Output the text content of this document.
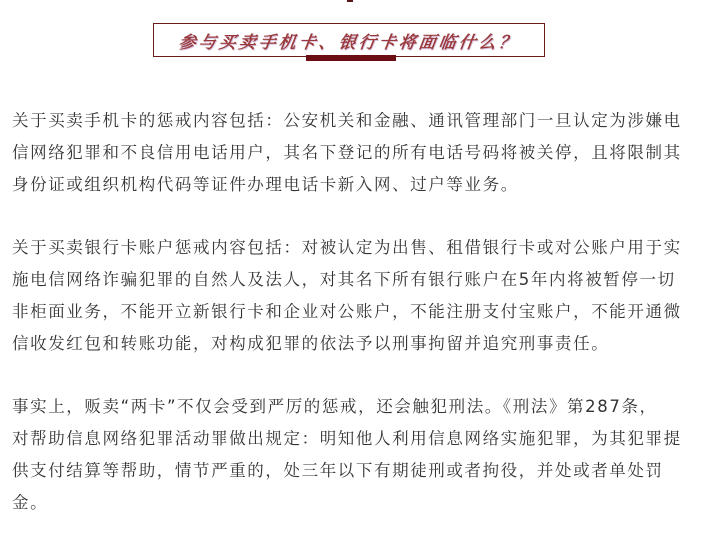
参与买卖手机卡、银行卡将面临什么？

关于买卖手机卡的惩戒内容包括：公安机关和金融、通讯管理部门一旦认定为涉嫌电
信网络犯罪和不良信用电话用户，其名下登记的所有电话号码将被关停，且将限制其
身份证或组织机构代码等证件办理电话卡新入网、过户等业务。

关于买卖银行卡账户惩戒内容包括：对被认定为出售、租借银行卡或对公账户用于实
施电信网络诈骗犯罪的自然人及法人，对其名下所有银行账户在5年内将被暂停一切
非柜面业务，不能开立新银行卡和企业对公账户，不能注册支付宝账户，不能开通微
信收发红包和转账功能，对构成犯罪的依法予以刑事拘留并追究刑事责任。

事实上，贩卖“两卡”不仅会受到严厉的惩戒，还会触犯刑法。《刑法》第287条，
对帮助信息网络犯罪活动罪做出规定：明知他人利用信息网络实施犯罪，为其犯罪提
供支付结算等帮助，情节严重的，处三年以下有期徒刑或者拘役，并处或者单处罚
金。
